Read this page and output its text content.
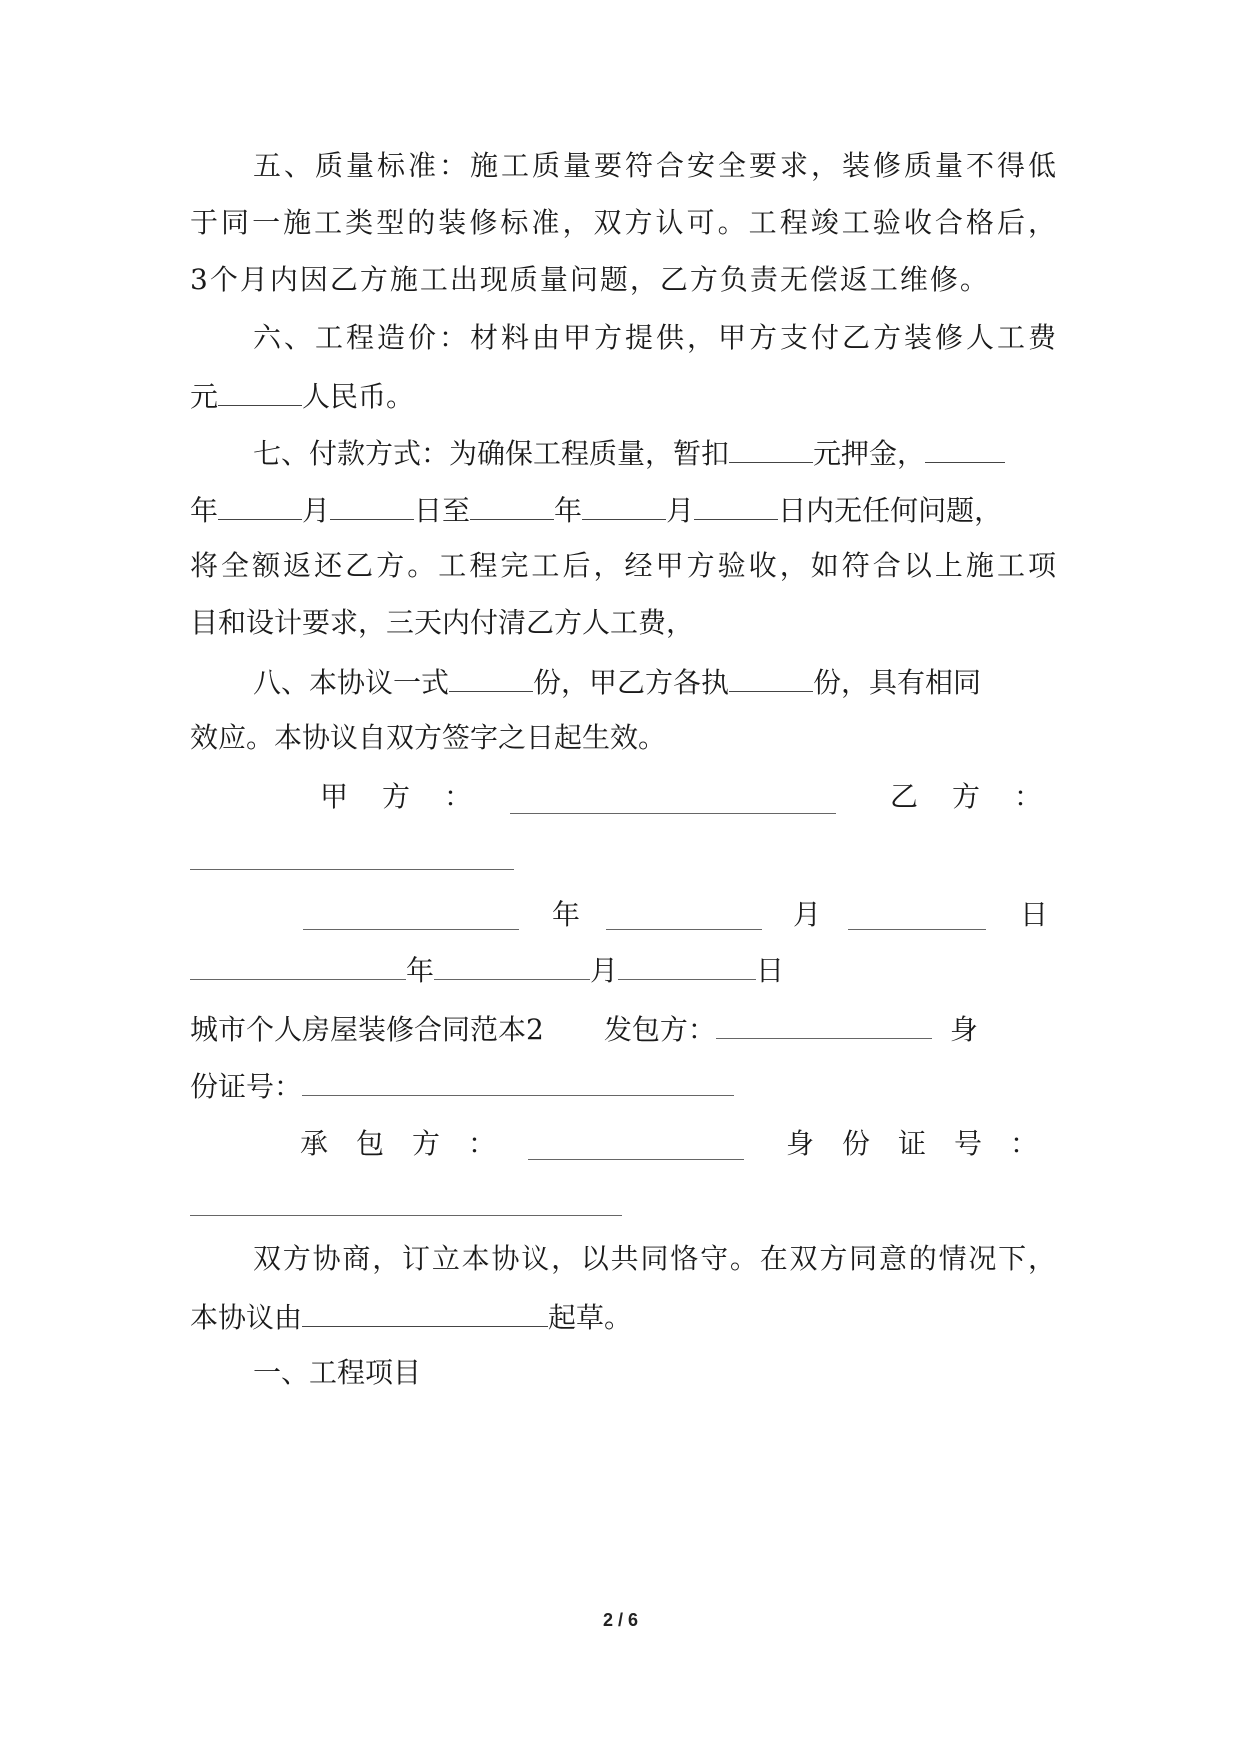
五、质量标准：施工质量要符合安全要求，装修质量不得低
于同一施工类型的装修标准，双方认可。工程竣工验收合格后，
3个月内因乙方施工出现质量问题，乙方负责无偿返工维修。
六、工程造价：材料由甲方提供，甲方支付乙方装修人工费
元	人民币。
七、付款方式：为确保工程质量，暂扣	元押金，
年	月	日至	年	月	日内无任何问题，
将全额返还乙方。工程完工后，经甲方验收，如符合以上施工项
目和设计要求，三天内付清乙方人工费，
八、本协议一式	份，甲乙方各执	份，具有相同
效应。本协议自双方签字之日起生效。
甲方：	乙方：
年	月	日
年	月	日
城市个人房屋装修合同范本2 发包方：	身
份证号：
承包方：	身份证号：
双方协商，订立本协议，以共同恪守。在双方同意的情况下，
本协议由	起草。
一、工程项目
2 / 6
